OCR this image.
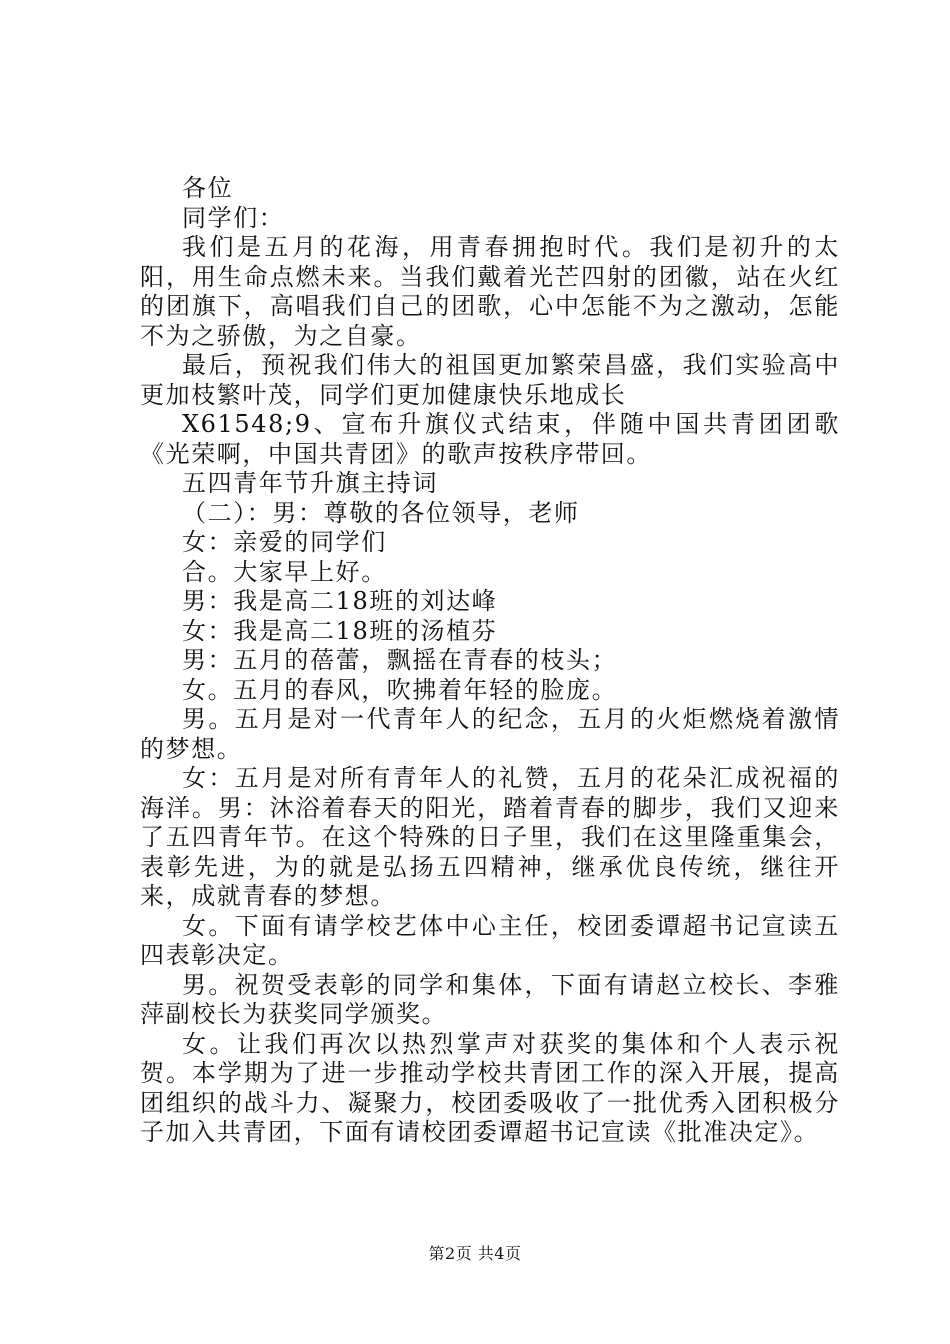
各位

同学们：

我们是五月的花海，用青春拥抱时代。我们是初升的太阳，用生命点燃未来。当我们戴着光芒四射的团徽，站在火红的团旗下，高唱我们自己的团歌，心中怎能不为之激动，怎能不为之骄傲，为之自豪。

最后，预祝我们伟大的祖国更加繁荣昌盛，我们实验高中更加枝繁叶茂，同学们更加健康快乐地成长

X61548;9、宣布升旗仪式结束，伴随中国共青团团歌《光荣啊，中国共青团》的歌声按秩序带回。

五四青年节升旗主持词

（二）：男：尊敬的各位领导，老师

女：亲爱的同学们

合。大家早上好。

男：我是高二18班的刘达峰

女：我是高二18班的汤植芬

男：五月的蓓蕾，飘摇在青春的枝头；

女。五月的春风，吹拂着年轻的脸庞。

男。五月是对一代青年人的纪念，五月的火炬燃烧着激情的梦想。

女：五月是对所有青年人的礼赞，五月的花朵汇成祝福的海洋。男：沐浴着春天的阳光，踏着青春的脚步，我们又迎来了五四青年节。在这个特殊的日子里，我们在这里隆重集会，表彰先进，为的就是弘扬五四精神，继承优良传统，继往开来，成就青春的梦想。

女。下面有请学校艺体中心主任，校团委谭超书记宣读五四表彰决定。

男。祝贺受表彰的同学和集体，下面有请赵立校长、李雅萍副校长为获奖同学颁奖。

女。让我们再次以热烈掌声对获奖的集体和个人表示祝贺。本学期为了进一步推动学校共青团工作的深入开展，提高团组织的战斗力、凝聚力，校团委吸收了一批优秀入团积极分子加入共青团，下面有请校团委谭超书记宣读《批准决定》。

第2页 共4页
